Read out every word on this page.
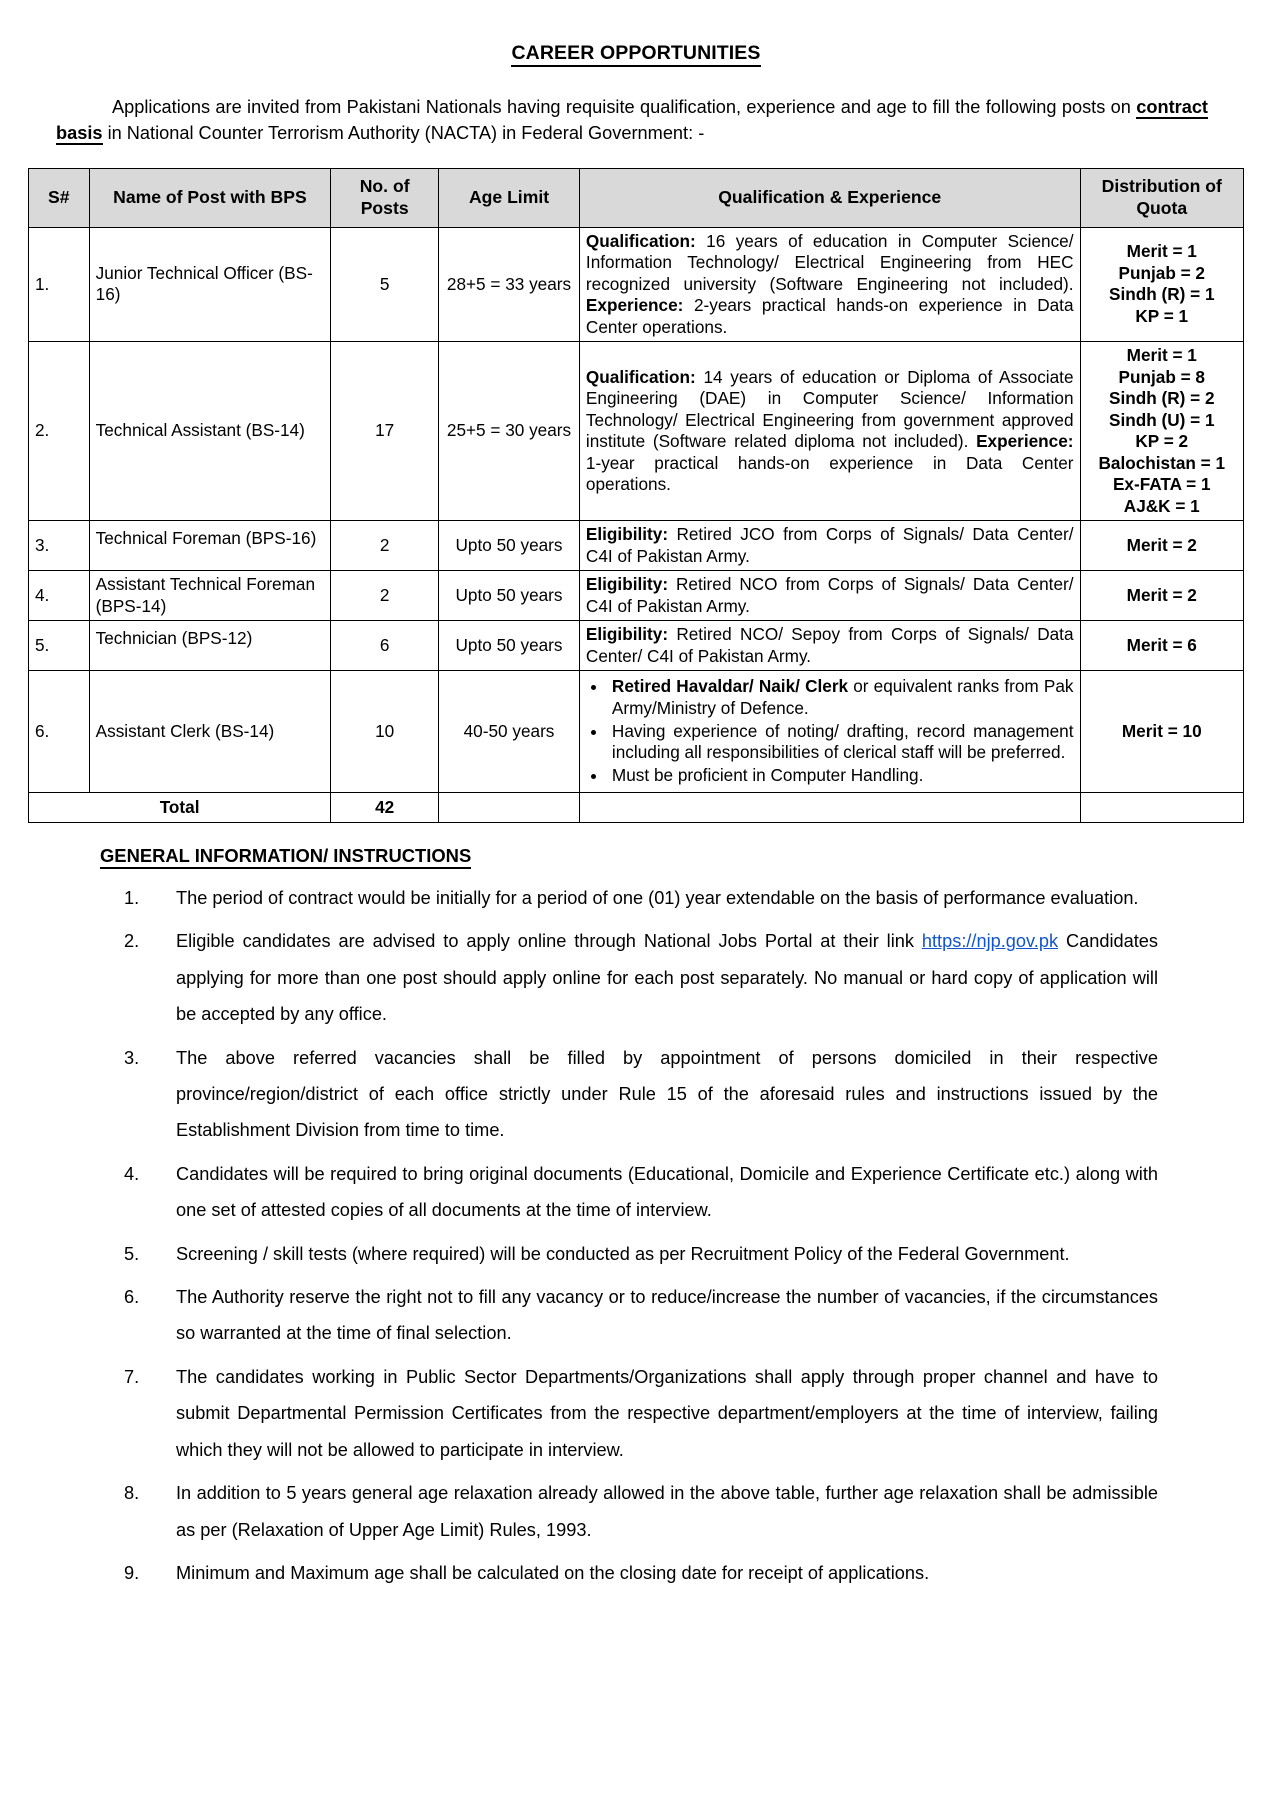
CAREER OPPORTUNITIES

Applications are invited from Pakistani Nationals having requisite qualification, experience and age to fill the following posts on contract basis in National Counter Terrorism Authority (NACTA) in Federal Government: -

S#	Name of Post with BPS	No. of Posts	Age Limit	Qualification & Experience	Distribution of Quota
1.	Junior Technical Officer (BS-16)	5	28+5 = 33 years	Qualification: 16 years of education in Computer Science/ Information Technology/ Electrical Engineering from HEC recognized university (Software Engineering not included). Experience: 2-years practical hands-on experience in Data Center operations.	Merit = 1
Punjab = 2
Sindh (R) = 1
KP = 1
2.	Technical Assistant (BS-14)	17	25+5 = 30 years	Qualification: 14 years of education or Diploma of Associate Engineering (DAE) in Computer Science/ Information Technology/ Electrical Engineering from government approved institute (Software related diploma not included). Experience: 1-year practical hands-on experience in Data Center operations.	Merit = 1
Punjab = 8
Sindh (R) = 2
Sindh (U) = 1
KP = 2
Balochistan = 1
Ex-FATA = 1
AJ&K = 1
3.	Technical Foreman (BPS-16)	2	Upto 50 years	Eligibility: Retired JCO from Corps of Signals/ Data Center/ C4I of Pakistan Army.	Merit = 2
4.	Assistant Technical Foreman (BPS-14)	2	Upto 50 years	Eligibility: Retired NCO from Corps of Signals/ Data Center/ C4I of Pakistan Army.	Merit = 2
5.	Technician (BPS-12)	6	Upto 50 years	Eligibility: Retired NCO/ Sepoy from Corps of Signals/ Data Center/ C4I of Pakistan Army.	Merit = 6
6.	Assistant Clerk (BS-14)	10	40-50 years	
• Retired Havaldar/ Naik/ Clerk or equivalent ranks from Pak Army/Ministry of Defence.
• Having experience of noting/ drafting, record management including all responsibilities of clerical staff will be preferred.
• Must be proficient in Computer Handling.
	Merit = 10
Total		42			
GENERAL INFORMATION/ INSTRUCTIONS
1.	The period of contract would be initially for a period of one (01) year extendable on the basis of performance evaluation.
2.	Eligible candidates are advised to apply online through National Jobs Portal at their link https://njp.gov.pk Candidates applying for more than one post should apply online for each post separately. No manual or hard copy of application will be accepted by any office.
3.	The above referred vacancies shall be filled by appointment of persons domiciled in their respective province/region/district of each office strictly under Rule 15 of the aforesaid rules and instructions issued by the Establishment Division from time to time.
4.	Candidates will be required to bring original documents (Educational, Domicile and Experience Certificate etc.) along with one set of attested copies of all documents at the time of interview.
5.	Screening / skill tests (where required) will be conducted as per Recruitment Policy of the Federal Government.
6.	The Authority reserve the right not to fill any vacancy or to reduce/increase the number of vacancies, if the circumstances so warranted at the time of final selection.
7.	The candidates working in Public Sector Departments/Organizations shall apply through proper channel and have to submit Departmental Permission Certificates from the respective department/employers at the time of interview, failing which they will not be allowed to participate in interview.
8.	In addition to 5 years general age relaxation already allowed in the above table, further age relaxation shall be admissible as per (Relaxation of Upper Age Limit) Rules, 1993.
9.	Minimum and Maximum age shall be calculated on the closing date for receipt of applications.
